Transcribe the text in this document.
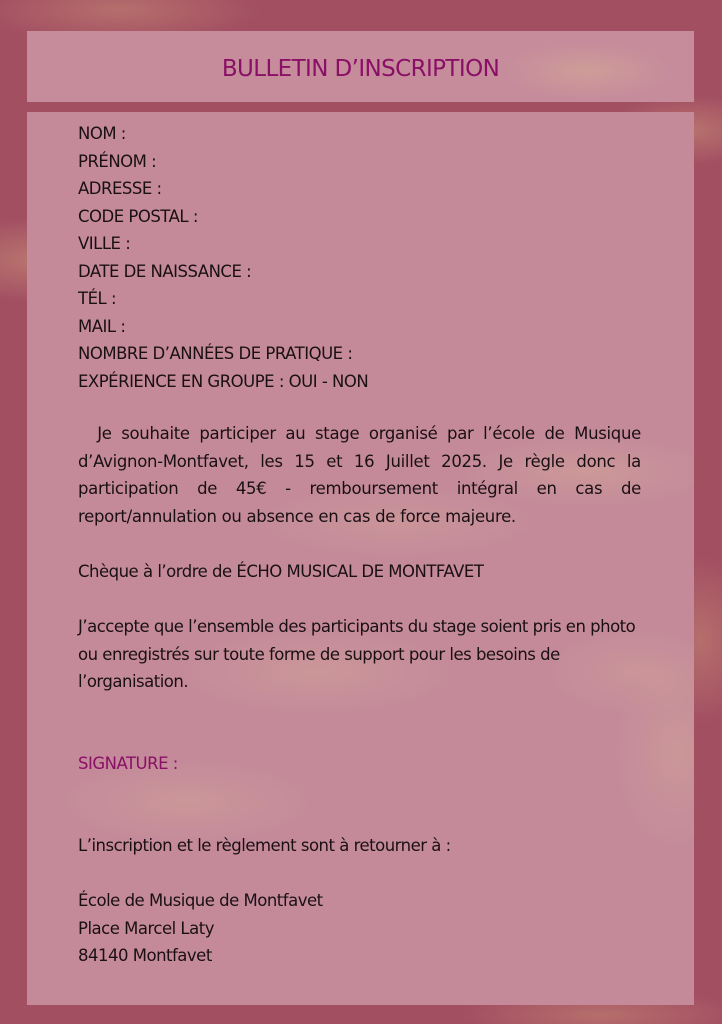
BULLETIN D’INSCRIPTION
NOM :
PRÉNOM :
ADRESSE :
CODE POSTAL :
VILLE :
DATE DE NAISSANCE :
TÉL :
MAIL :
NOMBRE D’ANNÉES DE PRATIQUE :
EXPÉRIENCE EN GROUPE : OUI - NON
Je souhaite participer au stage organisé par l’école de Musique d’Avignon-Montfavet, les 15 et 16 Juillet 2025. Je règle donc la participation de 45€ - remboursement intégral en cas de report/annulation ou absence en cas de force majeure.
Chèque à l’ordre de ÉCHO MUSICAL DE MONTFAVET
J’accepte que l’ensemble des participants du stage soient pris en photo ou enregistrés sur toute forme de support pour les besoins de l’organisation.
SIGNATURE :
L’inscription et le règlement sont à retourner à :
École de Musique de Montfavet
Place Marcel Laty
84140 Montfavet
